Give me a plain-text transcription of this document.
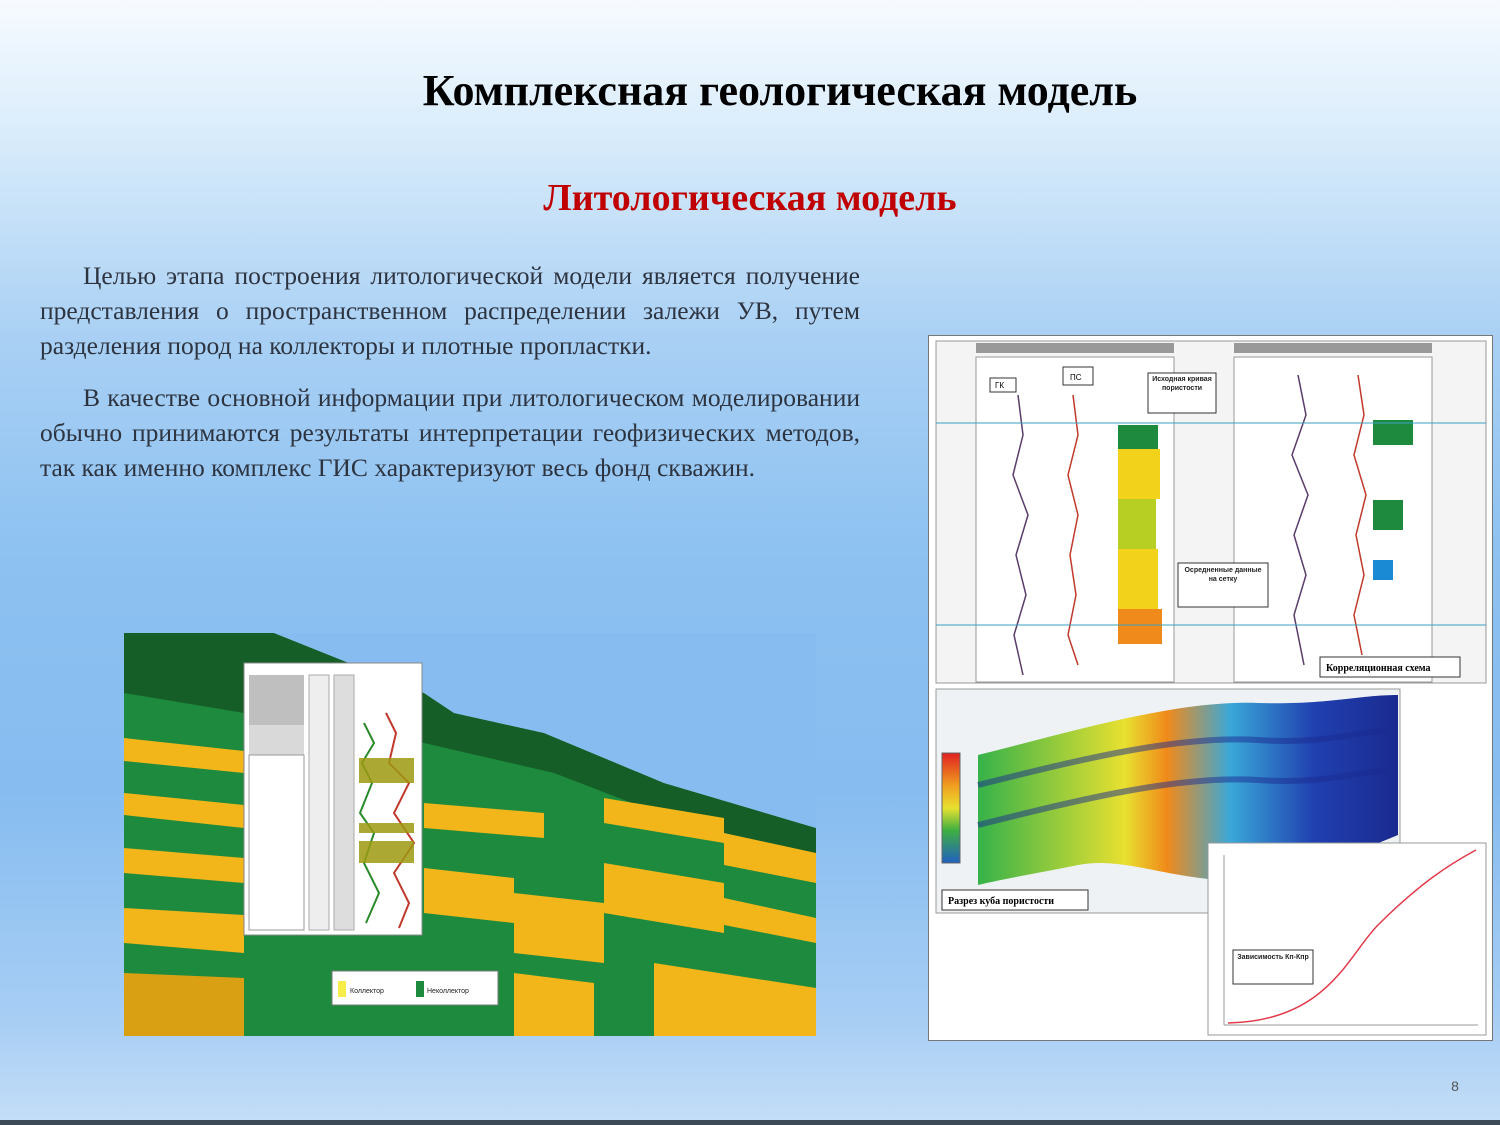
Комплексная геологическая модель
Литологическая модель

Целью этапа построения литологической модели является получение представления о пространственном распределении залежи УВ, путем разделения пород на коллекторы и плотные пропластки.

В качестве основной информации при литологическом моделировании обычно принимаются результаты интерпретации геофизических методов, так как именно комплекс ГИС характеризуют весь фонд скважин.

Коллектор	Неколлектор
ГК
ПС	Исходная кривая пористости
Осредненные данные на сетку
Корреляционная схема
Разрез куба пористости
Зависимость Кп-Кпр
8
